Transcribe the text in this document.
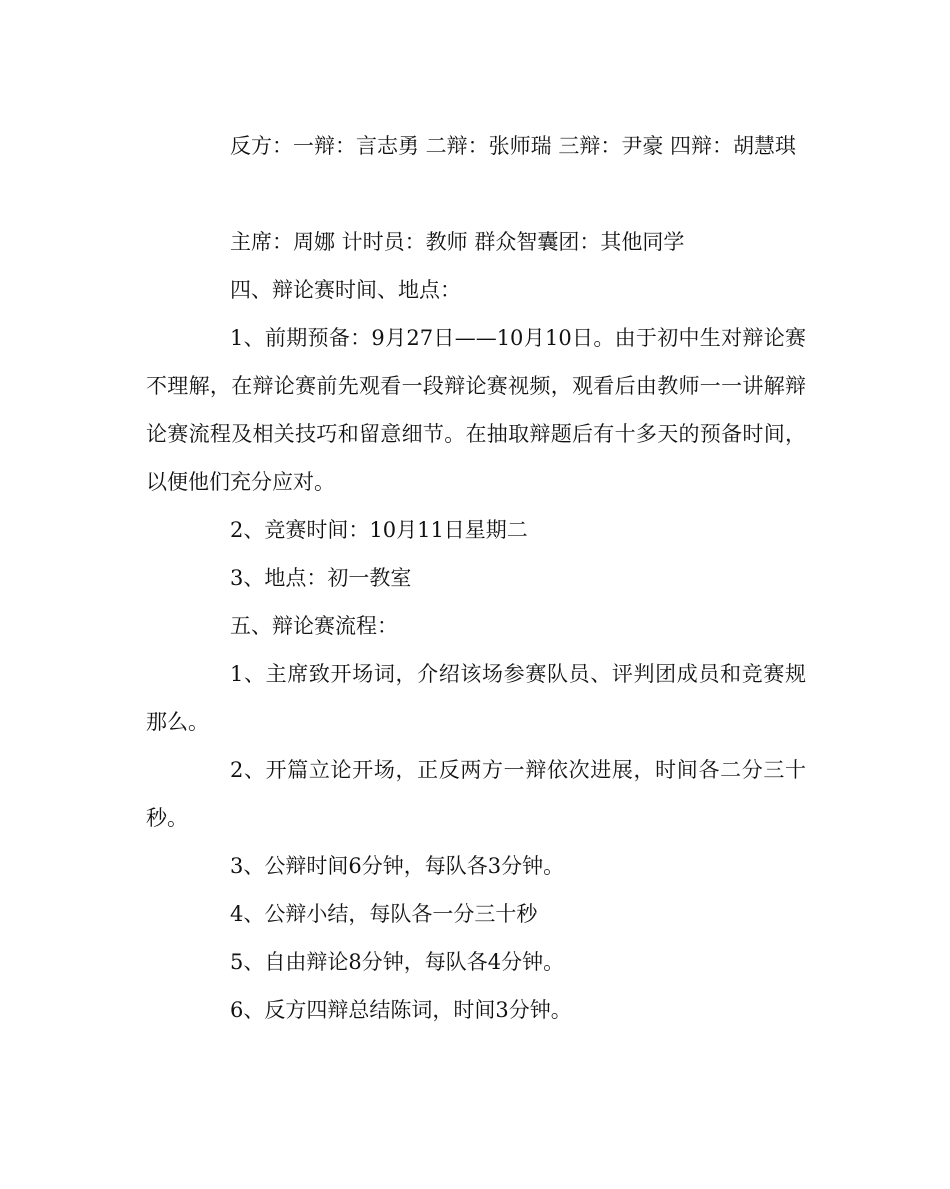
反方：一辩：言志勇 二辩：张师瑞 三辩：尹豪 四辩：胡慧琪

主席：周娜 计时员：教师 群众智囊团：其他同学

四、辩论赛时间、地点：

1、前期预备：9月27日——10月10日。由于初中生对辩论赛不理解，在辩论赛前先观看一段辩论赛视频，观看后由教师一一讲解辩论赛流程及相关技巧和留意细节。在抽取辩题后有十多天的预备时间，以便他们充分应对。

2、竞赛时间：10月11日星期二

3、地点：初一教室

五、辩论赛流程：

1、主席致开场词，介绍该场参赛队员、评判团成员和竞赛规那么。

2、开篇立论开场，正反两方一辩依次进展，时间各二分三十秒。

3、公辩时间6分钟，每队各3分钟。

4、公辩小结，每队各一分三十秒

5、自由辩论8分钟，每队各4分钟。

6、反方四辩总结陈词，时间3分钟。
